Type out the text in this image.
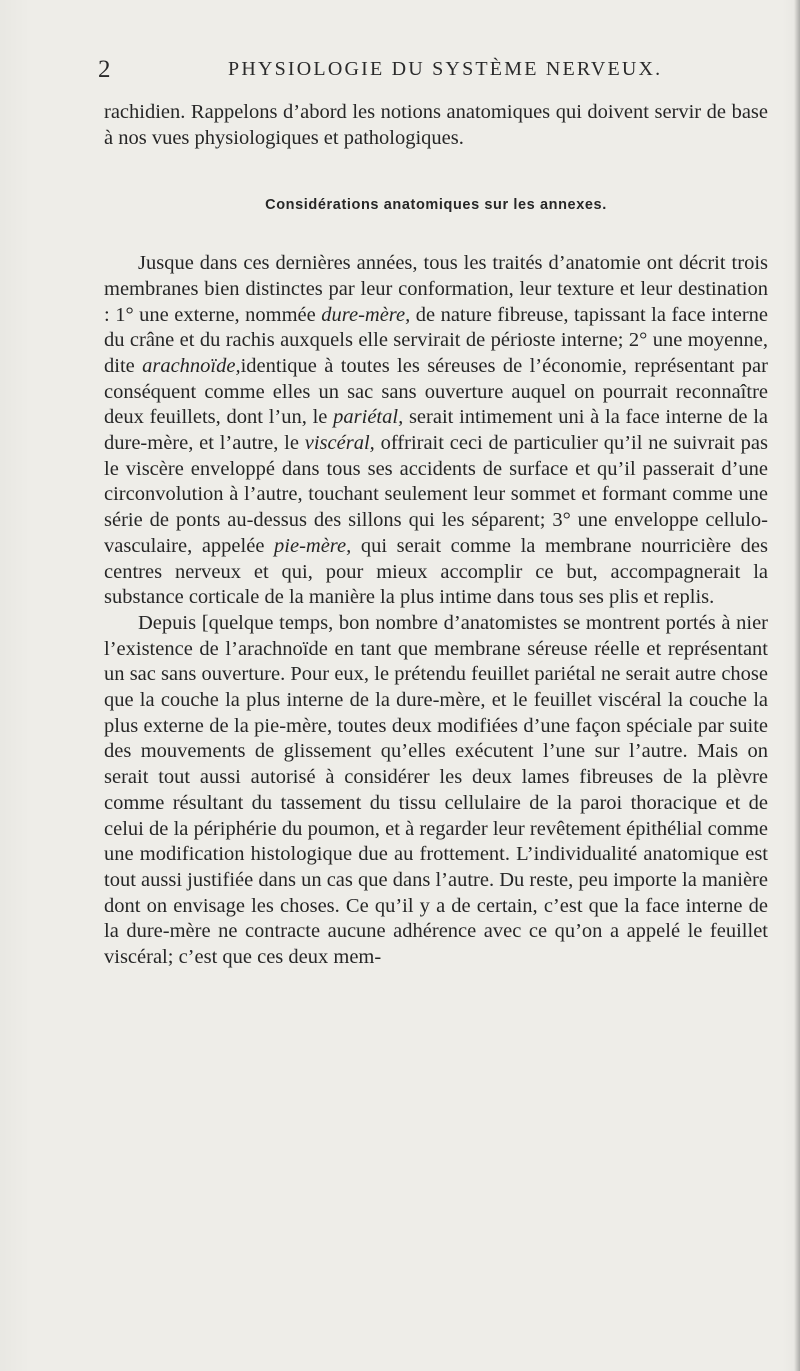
2	PHYSIOLOGIE DU SYSTÈME NERVEUX.

rachidien. Rappelons d’abord les notions anatomiques qui doivent servir de base à nos vues physiologiques et pathologiques.

Considérations anatomiques sur les annexes.

Jusque dans ces dernières années, tous les traités d’anatomie ont décrit trois membranes bien distinctes par leur conformation, leur texture et leur destination : 1° une externe, nommée dure-mère, de nature fibreuse, tapissant la face interne du crâne et du rachis auxquels elle servirait de périoste interne; 2° une moyenne, dite arachnoïde,identique à toutes les séreuses de l’économie, représentant par conséquent comme elles un sac sans ouverture auquel on pourrait reconnaître deux feuillets, dont l’un, le pariétal, serait intimement uni à la face interne de la dure-mère, et l’autre, le viscéral, offrirait ceci de particulier qu’il ne suivrait pas le viscère enveloppé dans tous ses accidents de surface et qu’il passerait d’une circonvolution à l’autre, touchant seulement leur sommet et formant comme une série de ponts au-dessus des sillons qui les séparent; 3° une enveloppe cellulo-vasculaire, appelée pie-mère, qui serait comme la membrane nourricière des centres nerveux et qui, pour mieux accomplir ce but, accompagnerait la substance corticale de la manière la plus intime dans tous ses plis et replis.

Depuis [quelque temps, bon nombre d’anatomistes se montrent portés à nier l’existence de l’arachnoïde en tant que membrane séreuse réelle et représentant un sac sans ouverture. Pour eux, le prétendu feuillet pariétal ne serait autre chose que la couche la plus interne de la dure-mère, et le feuillet viscéral la couche la plus externe de la pie-mère, toutes deux modifiées d’une façon spéciale par suite des mouvements de glissement qu’elles exécutent l’une sur l’autre. Mais on serait tout aussi autorisé à considérer les deux lames fibreuses de la plèvre comme résultant du tassement du tissu cellulaire de la paroi thoracique et de celui de la périphérie du poumon, et à regarder leur revêtement épithélial comme une modification histologique due au frottement. L’individualité anatomique est tout aussi justifiée dans un cas que dans l’autre. Du reste, peu importe la manière dont on envisage les choses. Ce qu’il y a de certain, c’est que la face interne de la dure-mère ne contracte aucune adhérence avec ce qu’on a appelé le feuillet viscéral; c’est que ces deux mem-
